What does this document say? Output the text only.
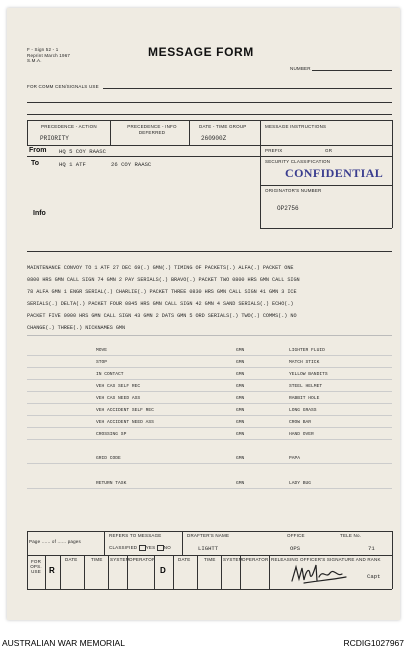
F - Sign 52 - 1
Reprint March 1967
S.M.A.
MESSAGE FORM
NUMBER
FOR COMM CEN/SIGNALS USE
PRECEDENCE - ACTION
PRIORITY
PRECEDENCE - INFO
DEFERRED
DATE - TIME GROUP
260900Z
MESSAGE INSTRUCTIONS
PREFIX	GR
From HQ 5 COY RAASC
To	HQ 1 ATF	26 COY RAASC	SECURITY CLASSIFICATION
CONFIDENTIAL
ORIGINATOR'S NUMBER
OP2756
Info
MAINTENANCE CONVOY TO 1 ATF 27 DEC 69(.) GMN(.) TIMING OF PACKETS(.) ALFA(.) PACKET ONE
0800 HRS GMN CALL SIGN 74 GMN 2 PAY SERIALS(.) BRAVO(.) PACKET TWO 0800 HRS GMN CALL SIGN
78 ALFA GMN 1 ENGR SERIAL(.) CHARLIE(.) PACKET THREE 0830 HRS GMN CALL SIGN 41 GMN 3 ICE
SERIALS(.) DELTA(.) PACKET FOUR 0845 HRS GMN CALL SIGN 42 GMN 4 SAND SERIALS(.) ECHO(.)
PACKET FIVE 0900 HRS GMN CALL SIGN 43 GMN 2 DATS GMN 5 ORD SERIALS(.) TWO(.) COMMS(.) NO
CHANGE(.) THREE(.) NICKNAMES GMN
MOVE	GMN	LIGHTER FLUID
STOP	GMN	MATCH STICK
IN CONTACT	GMN	YELLOW BANDITS
VEH CAS SELF REC	GMN	STEEL HELMET
VEH CAS NEED ASS	GMN	RABBIT HOLE
VEH ACCIDENT SELF REC	GMN	LONG GRASS
VEH ACCIDENT NEED ASS	GMN	CROW BAR
CROSSING SP	GMN	HAND OVER
GRID CODE	GMN	PAPA
RETURN TASK	GMN	LADY BUG
Page ...... of ...... pages
REFERS TO MESSAGE
CLASSIFIED YES NO
DRAFTER'S NAME
LIGHTT
OFFICE
OPS
TELE No.
71
FOR
OPS.
USE R
DATE	TIME SYSTEM OPERATOR
D
DATE	TIME SYSTEM OPERATOR RELEASING OFFICER'S SIGNATURE AND RANK
Capt
AUSTRALIAN WAR MEMORIAL	RCDIG1027967
